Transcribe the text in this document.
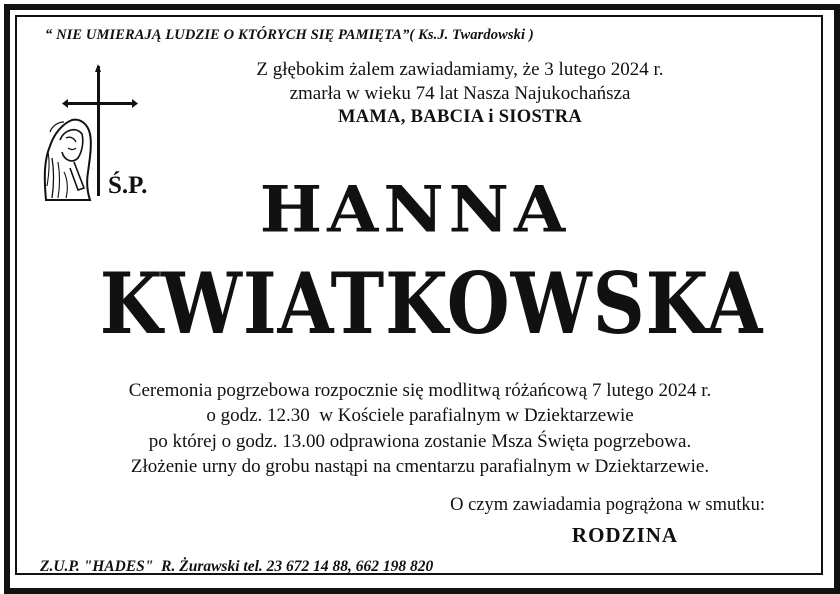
“ NIE UMIERAJĄ LUDZIE O KTÓRYCH SIĘ PAMIĘTA”( Ks.J. Twardowski )
Ś.P.
Z głębokim żalem zawiadamiamy, że 3 lutego 2024 r.
zmarła w wieku 74 lat Nasza Najukochańsza
MAMA, BABCIA i SIOSTRA
HANNA
KWIATKOWSKA
Ceremonia pogrzebowa rozpocznie się modlitwą różańcową 7 lutego 2024 r.
o godz. 12.30  w Kościele parafialnym w Dziektarzewie
po której o godz. 13.00 odprawiona zostanie Msza Święta pogrzebowa.
Złożenie urny do grobu nastąpi na cmentarzu parafialnym w Dziektarzewie.
O czym zawiadamia pogrążona w smutku:
RODZINA
Z.U.P. "HADES"  R. Żurawski tel. 23 672 14 88, 662 198 820
